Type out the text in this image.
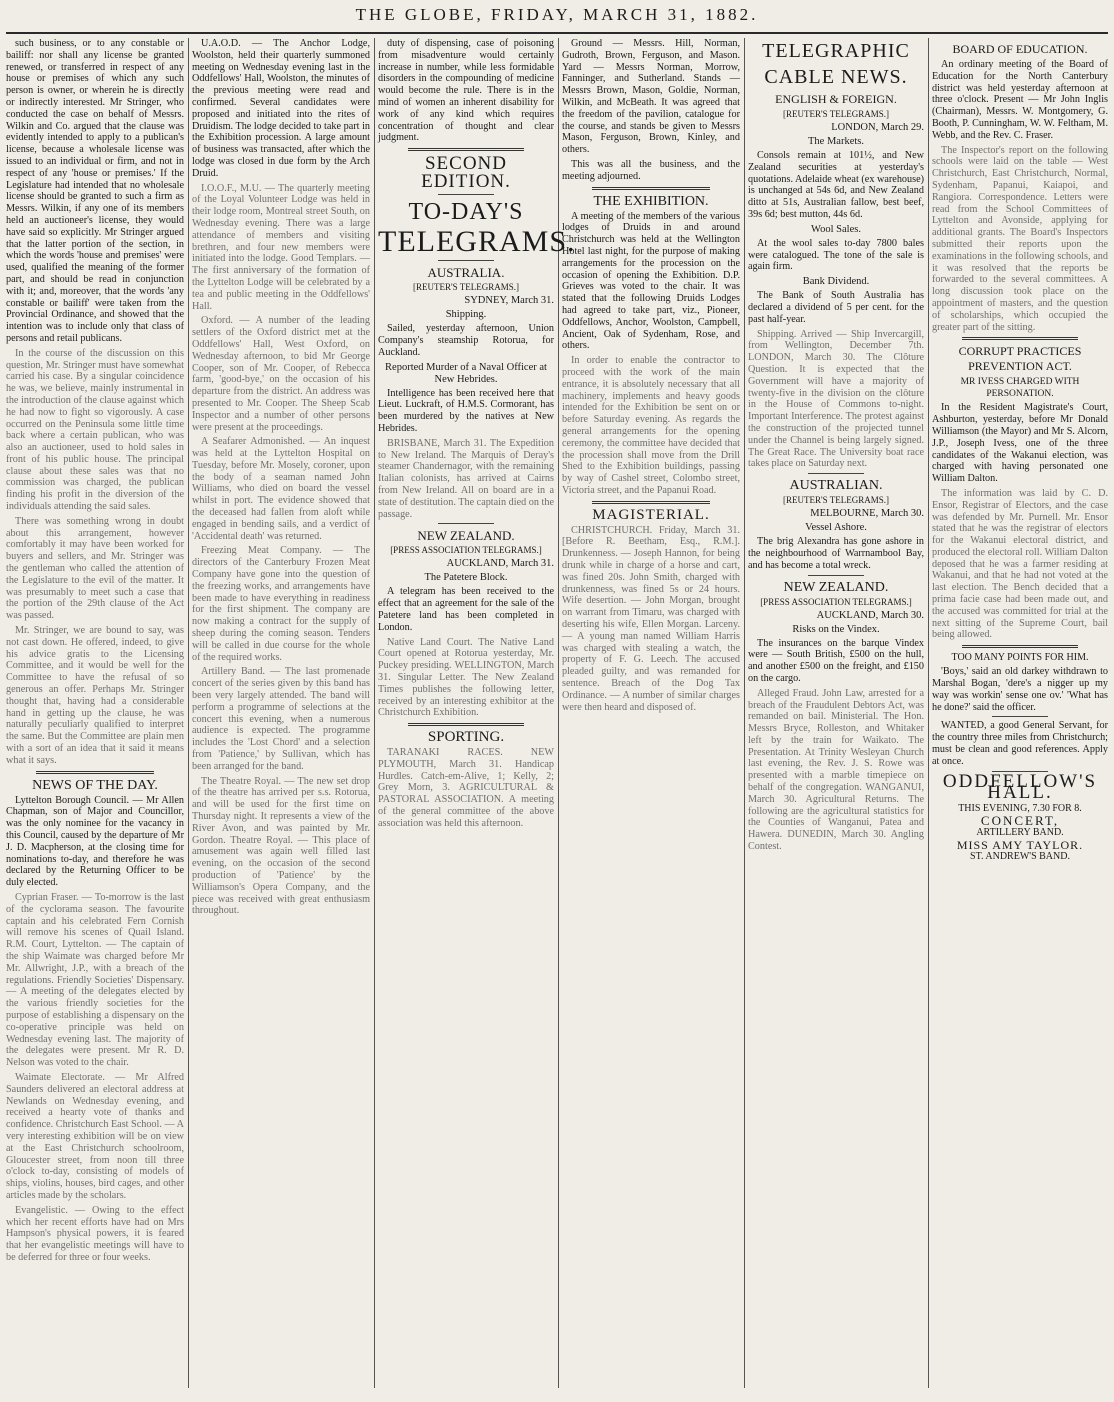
THE GLOBE, FRIDAY, MARCH 31, 1882.

such business, or to any constable or bailiff: nor shall any license be granted renewed, or transferred in respect of any house or premises of which any such person is owner, or wherein he is directly or indirectly interested. Mr Stringer, who conducted the case on behalf of Messrs. Wilkin and Co. argued that the clause was evidently intended to apply to a publican's license, because a wholesale license was issued to an individual or firm, and not in respect of any 'house or premises.' If the Legislature had intended that no wholesale license should be granted to such a firm as Messrs. Wilkin, if any one of its members held an auctioneer's license, they would have said so explicitly. Mr Stringer argued that the latter portion of the section, in which the words 'house and premises' were used, qualified the meaning of the former part, and should be read in conjunction with it; and, moreover, that the words 'any constable or bailiff' were taken from the Provincial Ordinance, and showed that the intention was to include only that class of persons and retail publicans.

In the course of the discussion on this question, Mr. Stringer must have somewhat carried his case. By a singular coincidence he was, we believe, mainly instrumental in the introduction of the clause against which he had now to fight so vigorously. A case occurred on the Peninsula some little time back where a certain publican, who was also an auctioneer, used to hold sales in front of his public house. The principal clause about these sales was that no commission was charged, the publican finding his profit in the diversion of the individuals attending the said sales.

There was something wrong in doubt about this arrangement, however comfortably it may have been worked for buyers and sellers, and Mr. Stringer was the gentleman who called the attention of the Legislature to the evil of the matter. It was presumably to meet such a case that the portion of the 29th clause of the Act was passed.

Mr. Stringer, we are bound to say, was not cast down. He offered, indeed, to give his advice gratis to the Licensing Committee, and it would be well for the Committee to have the refusal of so generous an offer. Perhaps Mr. Stringer thought that, having had a considerable hand in getting up the clause, he was naturally peculiarly qualified to interpret the same. But the Committee are plain men with a sort of an idea that it said it means what it says.

NEWS OF THE DAY.

Lyttelton Borough Council. — Mr Allen Chapman, son of Major and Councillor, was the only nominee for the vacancy in this Council, caused by the departure of Mr J. D. Macpherson, at the closing time for nominations to-day, and therefore he was declared by the Returning Officer to be duly elected.

Cyprian Fraser. — To-morrow is the last of the cyclorama season. The favourite captain and his celebrated Fern Cornish will remove his scenes of Quail Island. R.M. Court, Lyttelton. — The captain of the ship Waimate was charged before Mr Mr. Allwright, J.P., with a breach of the regulations. Friendly Societies' Dispensary. — A meeting of the delegates elected by the various friendly societies for the purpose of establishing a dispensary on the co-operative principle was held on Wednesday evening last. The majority of the delegates were present. Mr R. D. Nelson was voted to the chair.

Waimate Electorate. — Mr Alfred Saunders delivered an electoral address at Newlands on Wednesday evening, and received a hearty vote of thanks and confidence. Christchurch East School. — A very interesting exhibition will be on view at the East Christchurch schoolroom, Gloucester street, from noon till three o'clock to-day, consisting of models of ships, violins, houses, bird cages, and other articles made by the scholars.

Evangelistic. — Owing to the effect which her recent efforts have had on Mrs Hampson's physical powers, it is feared that her evangelistic meetings will have to be deferred for three or four weeks.

U.A.O.D. — The Anchor Lodge, Woolston, held their quarterly summoned meeting on Wednesday evening last in the Oddfellows' Hall, Woolston, the minutes of the previous meeting were read and confirmed. Several candidates were proposed and initiated into the rites of Druidism. The lodge decided to take part in the Exhibition procession. A large amount of business was transacted, after which the lodge was closed in due form by the Arch Druid.

I.O.O.F., M.U. — The quarterly meeting of the Loyal Volunteer Lodge was held in their lodge room, Montreal street South, on Wednesday evening. There was a large attendance of members and visiting brethren, and four new members were initiated into the lodge. Good Templars. — The first anniversary of the formation of the Lyttelton Lodge will be celebrated by a tea and public meeting in the Oddfellows' Hall.

Oxford. — A number of the leading settlers of the Oxford district met at the Oddfellows' Hall, West Oxford, on Wednesday afternoon, to bid Mr George Cooper, son of Mr. Cooper, of Rebecca farm, 'good-bye,' on the occasion of his departure from the district. An address was presented to Mr. Cooper. The Sheep Scab Inspector and a number of other persons were present at the proceedings.

A Seafarer Admonished. — An inquest was held at the Lyttelton Hospital on Tuesday, before Mr. Mosely, coroner, upon the body of a seaman named John Williams, who died on board the vessel whilst in port. The evidence showed that the deceased had fallen from aloft while engaged in bending sails, and a verdict of 'Accidental death' was returned.

Freezing Meat Company. — The directors of the Canterbury Frozen Meat Company have gone into the question of the freezing works, and arrangements have been made to have everything in readiness for the first shipment. The company are now making a contract for the supply of sheep during the coming season. Tenders will be called in due course for the whole of the required works.

Artillery Band. — The last promenade concert of the series given by this band has been very largely attended. The band will perform a programme of selections at the concert this evening, when a numerous audience is expected. The programme includes the 'Lost Chord' and a selection from 'Patience,' by Sullivan, which has been arranged for the band.

The Theatre Royal. — The new set drop of the theatre has arrived per s.s. Rotorua, and will be used for the first time on Thursday night. It represents a view of the River Avon, and was painted by Mr. Gordon. Theatre Royal. — This place of amusement was again well filled last evening, on the occasion of the second production of 'Patience' by the Williamson's Opera Company, and the piece was received with great enthusiasm throughout.

duty of dispensing, case of poisoning from misadventure would certainly increase in number, while less formidable disorders in the compounding of medicine would become the rule. There is in the mind of women an inherent disability for work of any kind which requires concentration of thought and clear judgment.

SECOND EDITION.
TO-DAY'S
TELEGRAMS.
AUSTRALIA.
[REUTER'S TELEGRAMS.]
SYDNEY, March 31.
Shipping.

Sailed, yesterday afternoon, Union Company's steamship Rotorua, for Auckland.

Reported Murder of a Naval Officer at New Hebrides.

Intelligence has been received here that Lieut. Luckraft, of H.M.S. Cormorant, has been murdered by the natives at New Hebrides.

BRISBANE, March 31. The Expedition to New Ireland. The Marquis of Deray's steamer Chandernagor, with the remaining Italian colonists, has arrived at Cairns from New Ireland. All on board are in a state of destitution. The captain died on the passage.

NEW ZEALAND.
[PRESS ASSOCIATION TELEGRAMS.]
AUCKLAND, March 31.
The Patetere Block.

A telegram has been received to the effect that an agreement for the sale of the Patetere land has been completed in London.

Native Land Court. The Native Land Court opened at Rotorua yesterday, Mr. Puckey presiding. WELLINGTON, March 31. Singular Letter. The New Zealand Times publishes the following letter, received by an interesting exhibitor at the Christchurch Exhibition.

SPORTING.

TARANAKI RACES. NEW PLYMOUTH, March 31. Handicap Hurdles. Catch-em-Alive, 1; Kelly, 2; Grey Morn, 3. AGRICULTURAL & PASTORAL ASSOCIATION. A meeting of the general committee of the above association was held this afternoon.

Ground — Messrs. Hill, Norman, Gudroth, Brown, Ferguson, and Mason. Yard — Messrs Norman, Morrow, Fanninger, and Sutherland. Stands — Messrs Brown, Mason, Goldie, Norman, Wilkin, and McBeath. It was agreed that the freedom of the pavilion, catalogue for the course, and stands be given to Messrs Mason, Ferguson, Brown, Kinley, and others.

This was all the business, and the meeting adjourned.

THE EXHIBITION.

A meeting of the members of the various lodges of Druids in and around Christchurch was held at the Wellington Hotel last night, for the purpose of making arrangements for the procession on the occasion of opening the Exhibition. D.P. Grieves was voted to the chair. It was stated that the following Druids Lodges had agreed to take part, viz., Pioneer, Oddfellows, Anchor, Woolston, Campbell, Ancient, Oak of Sydenham, Rose, and others.

In order to enable the contractor to proceed with the work of the main entrance, it is absolutely necessary that all machinery, implements and heavy goods intended for the Exhibition be sent on or before Saturday evening. As regards the general arrangements for the opening ceremony, the committee have decided that the procession shall move from the Drill Shed to the Exhibition buildings, passing by way of Cashel street, Colombo street, Victoria street, and the Papanui Road.

MAGISTERIAL.

CHRISTCHURCH. Friday, March 31. [Before R. Beetham, Esq., R.M.]. Drunkenness. — Joseph Hannon, for being drunk while in charge of a horse and cart, was fined 20s. John Smith, charged with drunkenness, was fined 5s or 24 hours. Wife desertion. — John Morgan, brought on warrant from Timaru, was charged with deserting his wife, Ellen Morgan. Larceny. — A young man named William Harris was charged with stealing a watch, the property of F. G. Leech. The accused pleaded guilty, and was remanded for sentence. Breach of the Dog Tax Ordinance. — A number of similar charges were then heard and disposed of.

TELEGRAPHIC
CABLE NEWS.
ENGLISH & FOREIGN.
[REUTER'S TELEGRAMS.]
LONDON, March 29.
The Markets.

Consols remain at 101½, and New Zealand securities at yesterday's quotations. Adelaide wheat (ex warehouse) is unchanged at 54s 6d, and New Zealand ditto at 51s, Australian fallow, best beef, 39s 6d; best mutton, 44s 6d.

Wool Sales.

At the wool sales to-day 7800 bales were catalogued. The tone of the sale is again firm.

Bank Dividend.

The Bank of South Australia has declared a dividend of 5 per cent. for the past half-year.

Shipping. Arrived — Ship Invercargill, from Wellington, December 7th. LONDON, March 30. The Clôture Question. It is expected that the Government will have a majority of twenty-five in the division on the clôture in the House of Commons to-night. Important Interference. The protest against the construction of the projected tunnel under the Channel is being largely signed. The Great Race. The University boat race takes place on Saturday next.

AUSTRALIAN.
[REUTER'S TELEGRAMS.]
MELBOURNE, March 30.
Vessel Ashore.

The brig Alexandra has gone ashore in the neighbourhood of Warrnambool Bay, and has become a total wreck.

NEW ZEALAND.
[PRESS ASSOCIATION TELEGRAMS.]
AUCKLAND, March 30.
Risks on the Vindex.

The insurances on the barque Vindex were — South British, £500 on the hull, and another £500 on the freight, and £150 on the cargo.

Alleged Fraud. John Law, arrested for a breach of the Fraudulent Debtors Act, was remanded on bail. Ministerial. The Hon. Messrs Bryce, Rolleston, and Whitaker left by the train for Waikato. The Presentation. At Trinity Wesleyan Church last evening, the Rev. J. S. Rowe was presented with a marble timepiece on behalf of the congregation. WANGANUI, March 30. Agricultural Returns. The following are the agricultural statistics for the Counties of Wanganui, Patea and Hawera. DUNEDIN, March 30. Angling Contest.

BOARD OF EDUCATION.

An ordinary meeting of the Board of Education for the North Canterbury district was held yesterday afternoon at three o'clock. Present — Mr John Inglis (Chairman), Messrs. W. Montgomery, G. Booth, P. Cunningham, W. W. Feltham, M. Webb, and the Rev. C. Fraser.

The Inspector's report on the following schools were laid on the table — West Christchurch, East Christchurch, Normal, Sydenham, Papanui, Kaiapoi, and Rangiora. Correspondence. Letters were read from the School Committees of Lyttelton and Avonside, applying for additional grants. The Board's Inspectors submitted their reports upon the examinations in the following schools, and it was resolved that the reports be forwarded to the several committees. A long discussion took place on the appointment of masters, and the question of scholarships, which occupied the greater part of the sitting.

CORRUPT PRACTICES PREVENTION ACT.
MR IVESS CHARGED WITH PERSONATION.

In the Resident Magistrate's Court, Ashburton, yesterday, before Mr Donald Williamson (the Mayor) and Mr S. Alcorn, J.P., Joseph Ivess, one of the three candidates of the Wakanui election, was charged with having personated one William Dalton.

The information was laid by C. D. Ensor, Registrar of Electors, and the case was defended by Mr. Purnell. Mr. Ensor stated that he was the registrar of electors for the Wakanui electoral district, and produced the electoral roll. William Dalton deposed that he was a farmer residing at Wakanui, and that he had not voted at the last election. The Bench decided that a prima facie case had been made out, and the accused was committed for trial at the next sitting of the Supreme Court, bail being allowed.

TOO MANY POINTS FOR HIM.

'Boys,' said an old darkey withdrawn to Marshal Bogan, 'dere's a nigger up my way was workin' sense one ov.' 'What has he done?' said the officer.

WANTED, a good General Servant, for the country three miles from Christchurch; must be clean and good references. Apply at once.

ODDFELLOW'S HALL.
THIS EVENING, 7.30 FOR 8.
CONCERT,
ARTILLERY BAND.
MISS AMY TAYLOR.
ST. ANDREW'S BAND.
